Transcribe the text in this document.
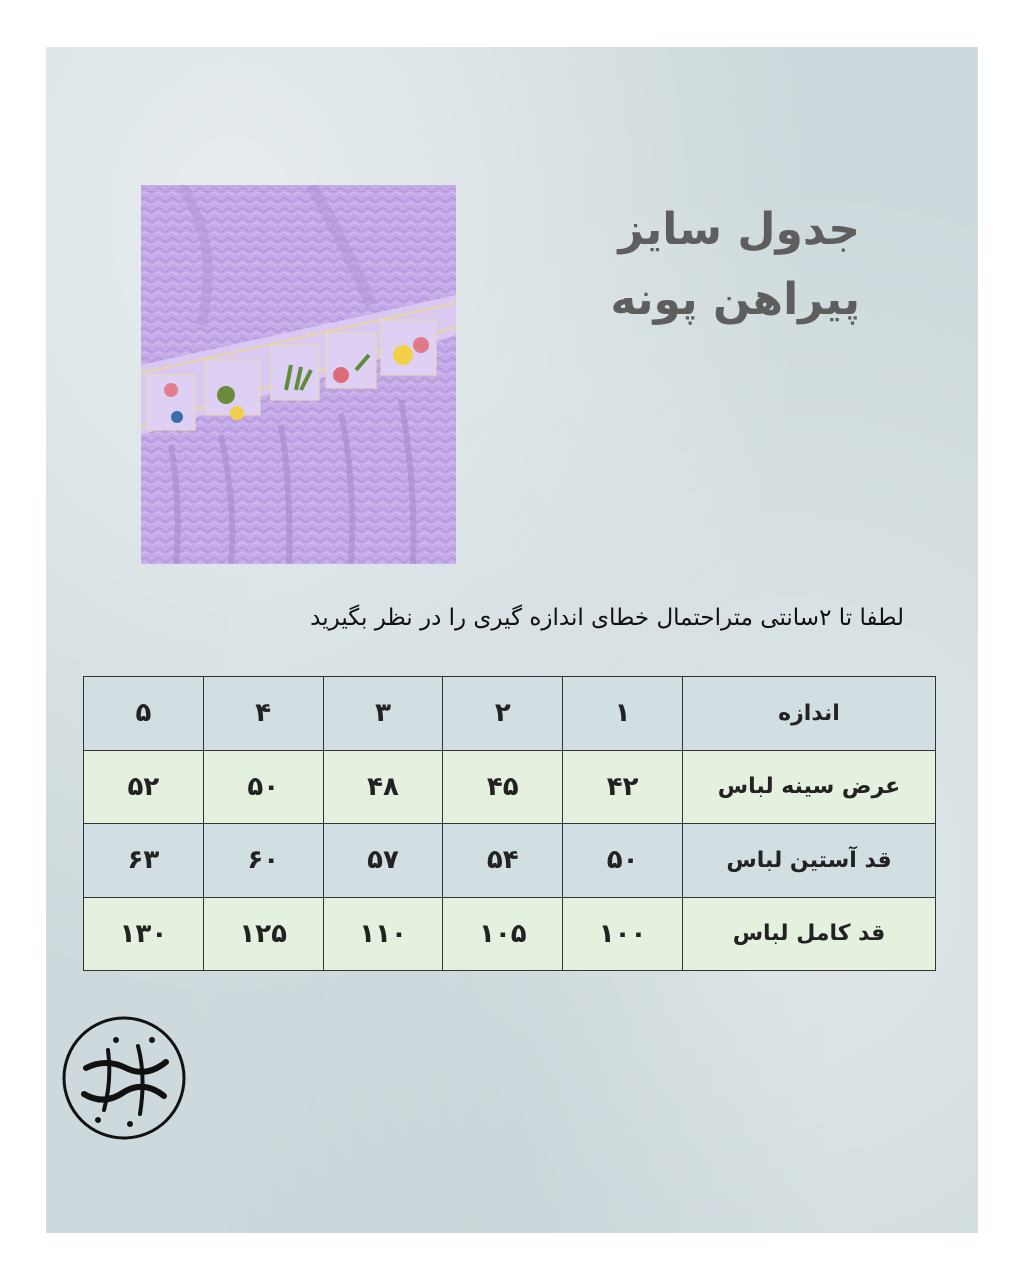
جدول سایز
پیراهن پونه
لطفا تا ۲سانتی متراحتمال خطای اندازه گیری را در نظر بگیرید
اندازه	۱	۲	۳	۴	۵
عرض سینه لباس	۴۲	۴۵	۴۸	۵۰	۵۲
قد آستین لباس	۵۰	۵۴	۵۷	۶۰	۶۳
قد کامل لباس	۱۰۰	۱۰۵	۱۱۰	۱۲۵	۱۳۰
